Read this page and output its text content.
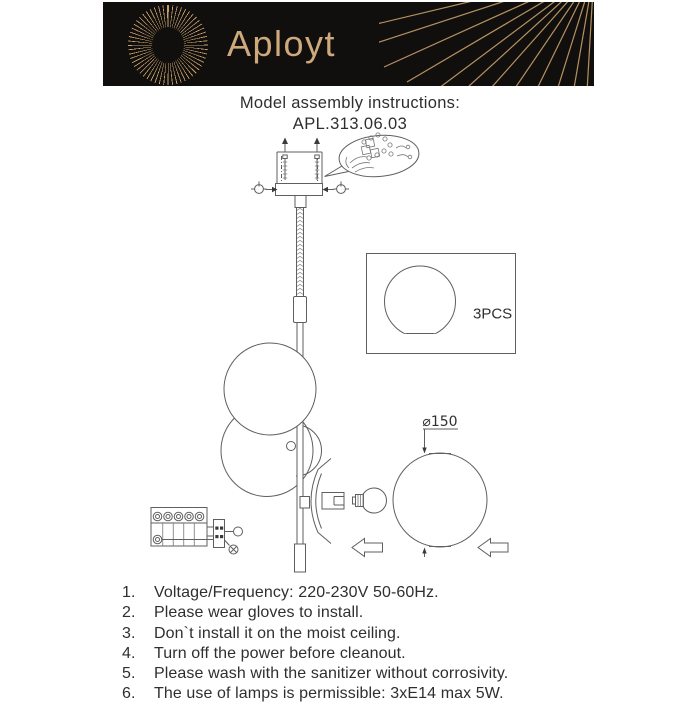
⌀150
3PCS
Aployt
Model assembly instructions:
APL.313.06.03
1. Voltage/Frequency: 220-230V 50-60Hz.
2. Please wear gloves to install.
3. Don`t install it on the moist ceiling.
4. Turn off the power before cleanout.
5. Please wash with the sanitizer without corrosivity.
6. The use of lamps is permissible: 3xE14 max 5W.
